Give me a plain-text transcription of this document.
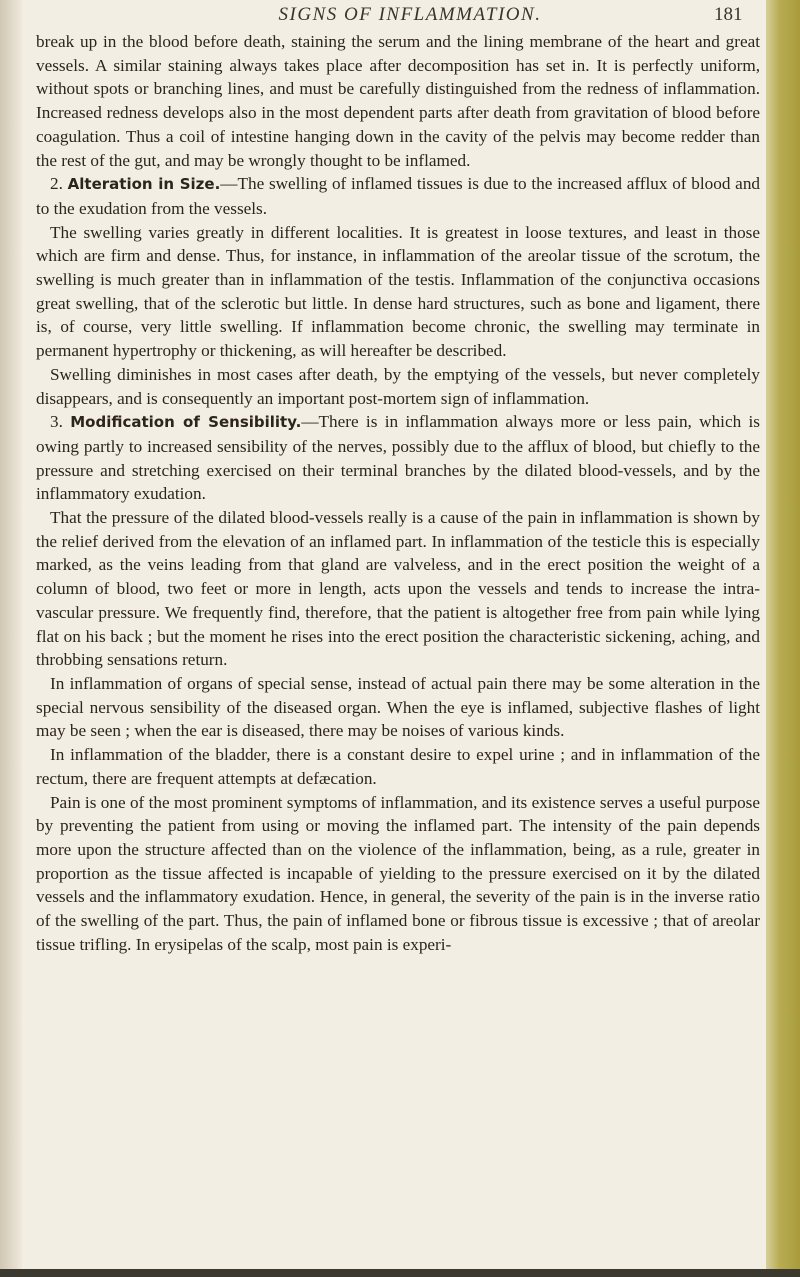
SIGNS OF INFLAMMATION.	181

break up in the blood before death, staining the serum and the lining membrane of the heart and great vessels. A similar staining always takes place after decomposition has set in. It is perfectly uniform, without spots or branching lines, and must be carefully distinguished from the redness of inflammation. Increased redness develops also in the most dependent parts after death from gravitation of blood before coagulation. Thus a coil of intestine hanging down in the cavity of the pelvis may become redder than the rest of the gut, and may be wrongly thought to be inflamed.

2. Alteration in Size.—The swelling of inflamed tissues is due to the increased afflux of blood and to the exudation from the vessels.

The swelling varies greatly in different localities. It is greatest in loose textures, and least in those which are firm and dense. Thus, for instance, in inflammation of the areolar tissue of the scrotum, the swelling is much greater than in inflammation of the testis. Inflammation of the conjunctiva occasions great swelling, that of the sclerotic but little. In dense hard structures, such as bone and ligament, there is, of course, very little swelling. If inflammation become chronic, the swelling may terminate in permanent hypertrophy or thickening, as will hereafter be described.

Swelling diminishes in most cases after death, by the emptying of the vessels, but never completely disappears, and is consequently an important post-mortem sign of inflammation.

3. Modification of Sensibility.—There is in inflammation always more or less pain, which is owing partly to increased sensibility of the nerves, possibly due to the afflux of blood, but chiefly to the pressure and stretching exercised on their terminal branches by the dilated blood-vessels, and by the inflammatory exudation.

That the pressure of the dilated blood-vessels really is a cause of the pain in inflammation is shown by the relief derived from the elevation of an inflamed part. In inflammation of the testicle this is especially marked, as the veins leading from that gland are valveless, and in the erect position the weight of a column of blood, two feet or more in length, acts upon the vessels and tends to increase the intra-vascular pressure. We frequently find, therefore, that the patient is altogether free from pain while lying flat on his back ; but the moment he rises into the erect position the characteristic sickening, aching, and throbbing sensations return.

In inflammation of organs of special sense, instead of actual pain there may be some alteration in the special nervous sensibility of the diseased organ. When the eye is inflamed, subjective flashes of light may be seen ; when the ear is diseased, there may be noises of various kinds.

In inflammation of the bladder, there is a constant desire to expel urine ; and in inflammation of the rectum, there are frequent attempts at defæcation.

Pain is one of the most prominent symptoms of inflammation, and its existence serves a useful purpose by preventing the patient from using or moving the inflamed part. The intensity of the pain depends more upon the structure affected than on the violence of the inflammation, being, as a rule, greater in proportion as the tissue affected is incapable of yielding to the pressure exercised on it by the dilated vessels and the inflammatory exudation. Hence, in general, the severity of the pain is in the inverse ratio of the swelling of the part. Thus, the pain of inflamed bone or fibrous tissue is excessive ; that of areolar tissue trifling. In erysipelas of the scalp, most pain is experi-
